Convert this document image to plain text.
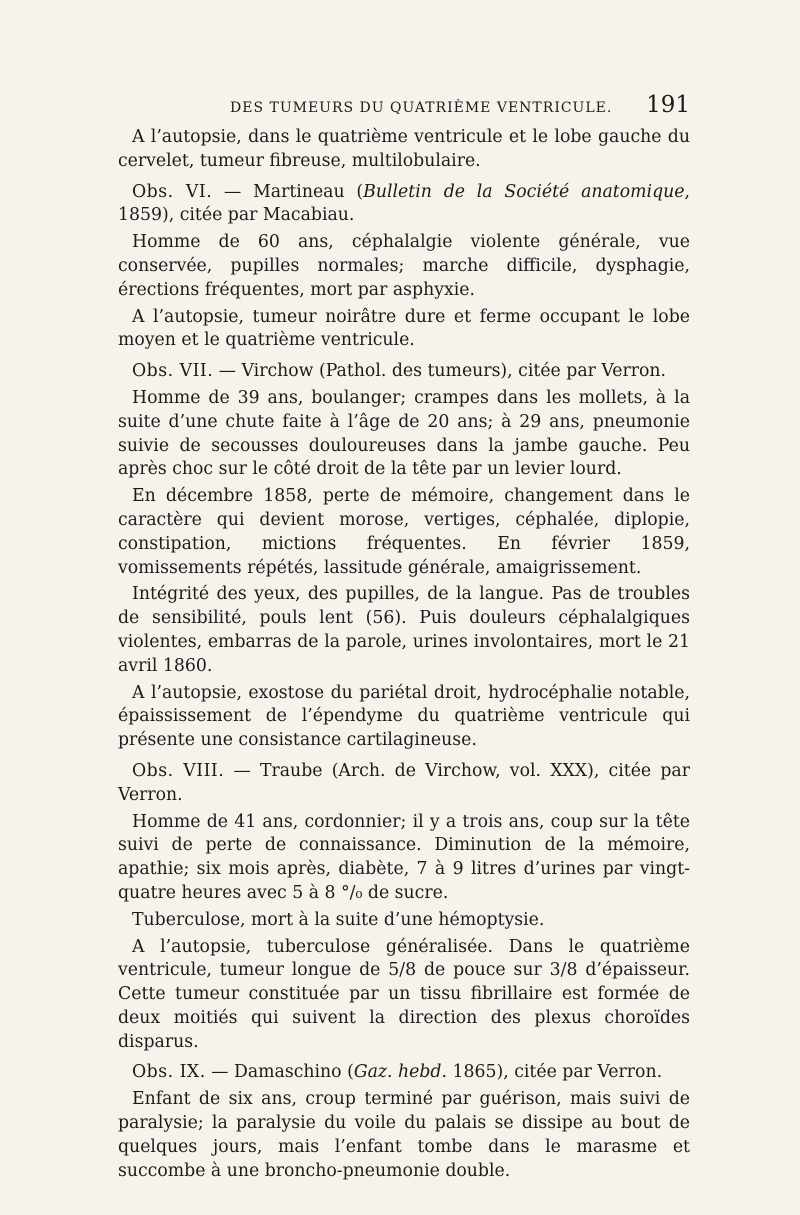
DES TUMEURS DU QUATRIÈME VENTRICULE. 191

A l’autopsie, dans le quatrième ventricule et le lobe gauche du cervelet, tumeur fibreuse, multilobulaire.

Obs. VI. — Martineau (Bulletin de la Société anatomique, 1859), citée par Macabiau.

Homme de 60 ans, céphalalgie violente générale, vue conservée, pupilles normales; marche difficile, dysphagie, érections fréquentes, mort par asphyxie.

A l’autopsie, tumeur noirâtre dure et ferme occupant le lobe moyen et le quatrième ventricule.

Obs. VII. — Virchow (Pathol. des tumeurs), citée par Verron.

Homme de 39 ans, boulanger; crampes dans les mollets, à la suite d’une chute faite à l’âge de 20 ans; à 29 ans, pneumonie suivie de secousses douloureuses dans la jambe gauche. Peu après choc sur le côté droit de la tête par un levier lourd.

En décembre 1858, perte de mémoire, changement dans le caractère qui devient morose, vertiges, céphalée, diplopie, constipation, mictions fréquentes. En février 1859, vomissements répétés, lassitude générale, amaigrissement.

Intégrité des yeux, des pupilles, de la langue. Pas de troubles de sensibilité, pouls lent (56). Puis douleurs céphalalgiques violentes, embarras de la parole, urines involontaires, mort le 21 avril 1860.

A l’autopsie, exostose du pariétal droit, hydrocéphalie notable, épaississement de l’épendyme du quatrième ventricule qui présente une consistance cartilagineuse.

Obs. VIII. — Traube (Arch. de Virchow, vol. XXX), citée par Verron.

Homme de 41 ans, cordonnier; il y a trois ans, coup sur la tête suivi de perte de connaissance. Diminution de la mémoire, apathie; six mois après, diabète, 7 à 9 litres d’urines par vingt-quatre heures avec 5 à 8 °/₀ de sucre.

Tuberculose, mort à la suite d’une hémoptysie.

A l’autopsie, tuberculose généralisée. Dans le quatrième ventricule, tumeur longue de 5/8 de pouce sur 3/8 d’épaisseur. Cette tumeur constituée par un tissu fibrillaire est formée de deux moitiés qui suivent la direction des plexus choroïdes disparus.

Obs. IX. — Damaschino (Gaz. hebd. 1865), citée par Verron.

Enfant de six ans, croup terminé par guérison, mais suivi de paralysie; la paralysie du voile du palais se dissipe au bout de quelques jours, mais l’enfant tombe dans le marasme et succombe à une broncho-pneumonie double.
